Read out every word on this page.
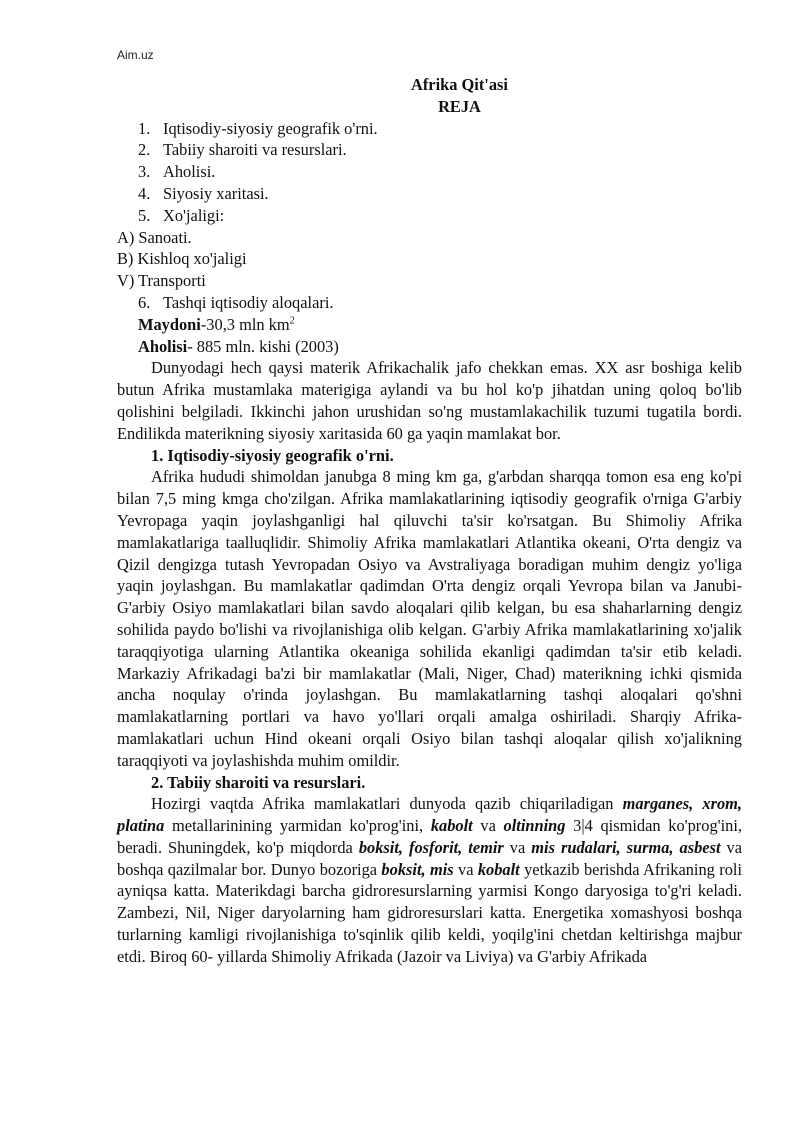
Aim.uz
Afrika Qit'asi
REJA
1. Iqtisodiy-siyosiy geografik o'rni.
2. Tabiiy sharoiti va resurslari.
3. Aholisi.
4. Siyosiy xaritasi.
5. Xo'jaligi:
A) Sanoati.
B) Kishloq xo'jaligi
V) Transporti
6. Tashqi iqtisodiy aloqalari.
Maydoni-30,3 mln $km^2$
Aholisi- 885 mln. kishi (2003)

Dunyodagi hech qaysi materik Afrikachalik jafo chekkan emas. XX asr boshiga kelib butun Afrika mustamlaka materigiga aylandi va bu hol ko'p jihatdan uning qoloq bo'lib qolishini belgiladi. Ikkinchi jahon urushidan so'ng mustamlakachilik tuzumi tugatila bordi. Endilikda materikning siyosiy xaritasida 60 ga yaqin mamlakat bor.

1. Iqtisodiy-siyosiy geografik o'rni.

Afrika hududi shimoldan janubga 8 ming km ga, g'arbdan sharqqa tomon esa eng ko'pi bilan 7,5 ming kmga cho'zilgan. Afrika mamlakatlarining iqtisodiy geografik o'rniga G'arbiy Yevropaga yaqin joylashganligi hal qiluvchi ta'sir ko'rsatgan. Bu Shimoliy Afrika mamlakatlariga taalluqlidir. Shimoliy Afrika mamlakatlari Atlantika okeani, O'rta dengiz va Qizil dengizga tutash Yevropadan Osiyo va Avstraliyaga boradigan muhim dengiz yo'liga yaqin joylashgan. Bu mamlakatlar qadimdan O'rta dengiz orqali Yevropa bilan va Janubi-G'arbiy Osiyo mamlakatlari bilan savdo aloqalari qilib kelgan, bu esa shaharlarning dengiz sohilida paydo bo'lishi va rivojlanishiga olib kelgan. G'arbiy Afrika mamlakatlarining xo'jalik taraqqiyotiga ularning Atlantika okeaniga sohilida ekanligi qadimdan ta'sir etib keladi. Markaziy Afrikadagi ba'zi bir mamlakatlar (Mali, Niger, Chad) materikning ichki qismida ancha noqulay o'rinda joylashgan. Bu mamlakatlarning tashqi aloqalari qo'shni mamlakatlarning portlari va havo yo'llari orqali amalga oshiriladi. Sharqiy Afrika-mamlakatlari uchun Hind okeani orqali Osiyo bilan tashqi aloqalar qilish xo'jalikning taraqqiyoti va joylashishda muhim omildir.

2. Tabiiy sharoiti va resurslari.

Hozirgi vaqtda Afrika mamlakatlari dunyoda qazib chiqariladigan marganes, xrom, platina metallarinining yarmidan ko'prog'ini, kabolt va oltinning 3|4 qismidan ko'prog'ini, beradi. Shuningdek, ko'p miqdorda boksit, fosforit, temir va mis rudalari, surma, asbest va boshqa qazilmalar bor. Dunyo bozoriga boksit, mis va kobalt yetkazib berishda Afrikaning roli ayniqsa katta. Materikdagi barcha gidroresurslarning yarmisi Kongo daryosiga to'g'ri keladi. Zambezi, Nil, Niger daryolarning ham gidroresurslari katta. Energetika xomashyosi boshqa turlarning kamligi rivojlanishiga to'sqinlik qilib keldi, yoqilg'ini chetdan keltirishga majbur etdi. Biroq 60- yillarda Shimoliy Afrikada (Jazoir va Liviya) va G'arbiy Afrikada
